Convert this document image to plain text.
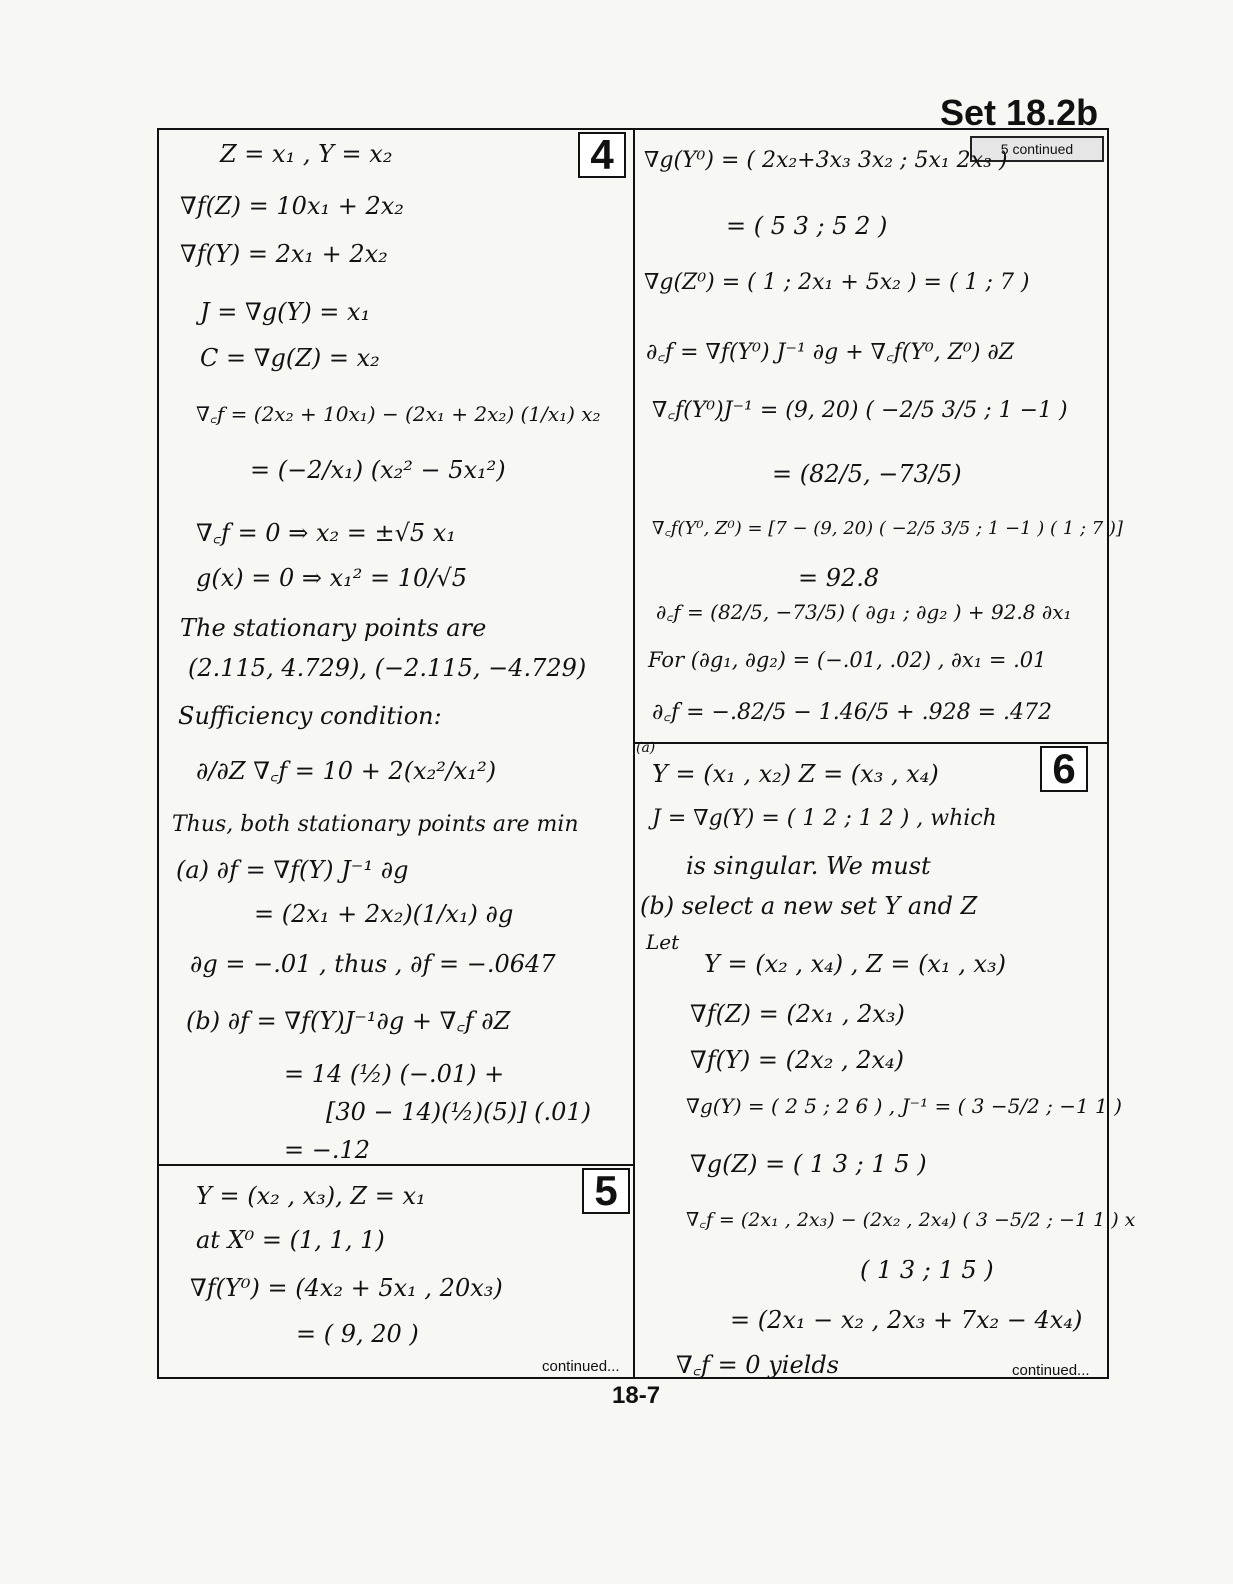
Set 18.2b
5 continued
4
Z = x₁ , Y = x₂
∇f(Z) = 10x₁ + 2x₂
∇f(Y) = 2x₁ + 2x₂
J = ∇g(Y) = x₁
C = ∇g(Z) = x₂
∇꜀f = (2x₂ + 10x₁) − (2x₁ + 2x₂) (1/x₁) x₂
= (−2/x₁) (x₂² − 5x₁²)
∇꜀f = 0 ⇒ x₂ = ±√5 x₁
g(x) = 0 ⇒ x₁² = 10/√5
The stationary points are
(2.115, 4.729), (−2.115, −4.729)
Sufficiency condition:
∂/∂Z ∇꜀f = 10 + 2(x₂²/x₁²)
Thus, both stationary points are min
(a) ∂f = ∇f(Y) J⁻¹ ∂g
= (2x₁ + 2x₂)(1/x₁) ∂g
∂g = −.01 , thus , ∂f = −.0647
(b) ∂f = ∇f(Y)J⁻¹∂g + ∇꜀f ∂Z
= 14 (½) (−.01) +
[30 − 14)(½)(5)] (.01)
= −.12
5
Y = (x₂ , x₃), Z = x₁
at X⁰ = (1, 1, 1)
∇f(Y⁰) = (4x₂ + 5x₁ , 20x₃)
= ( 9, 20 )
continued...
∇g(Y⁰) = ( 2x₂+3x₃ 3x₂ ; 5x₁ 2x₃ )
= ( 5 3 ; 5 2 )
∇g(Z⁰) = ( 1 ; 2x₁ + 5x₂ ) = ( 1 ; 7 )
∂꜀f = ∇f(Y⁰) J⁻¹ ∂g + ∇꜀f(Y⁰, Z⁰) ∂Z
∇꜀f(Y⁰)J⁻¹ = (9, 20) ( −2/5 3/5 ; 1 −1 )
= (82/5, −73/5)
∇꜀f(Y⁰, Z⁰) = [7 − (9, 20) ( −2/5 3/5 ; 1 −1 ) ( 1 ; 7 )]
= 92.8
∂꜀f = (82/5, −73/5) ( ∂g₁ ; ∂g₂ ) + 92.8 ∂x₁
For (∂g₁, ∂g₂) = (−.01, .02) , ∂x₁ = .01
∂꜀f = −.82/5 − 1.46/5 + .928 = .472
6
(a)
Y = (x₁ , x₂) Z = (x₃ , x₄)
J = ∇g(Y) = ( 1 2 ; 1 2 ) , which
is singular. We must
(b) select a new set Y and Z
Let
Y = (x₂ , x₄) , Z = (x₁ , x₃)
∇f(Z) = (2x₁ , 2x₃)
∇f(Y) = (2x₂ , 2x₄)
∇g(Y) = ( 2 5 ; 2 6 ) , J⁻¹ = ( 3 −5/2 ; −1 1 )
∇g(Z) = ( 1 3 ; 1 5 )
∇꜀f = (2x₁ , 2x₃) − (2x₂ , 2x₄) ( 3 −5/2 ; −1 1 ) x
( 1 3 ; 1 5 )
= (2x₁ − x₂ , 2x₃ + 7x₂ − 4x₄)
∇꜀f = 0 yields	continued...
18-7
